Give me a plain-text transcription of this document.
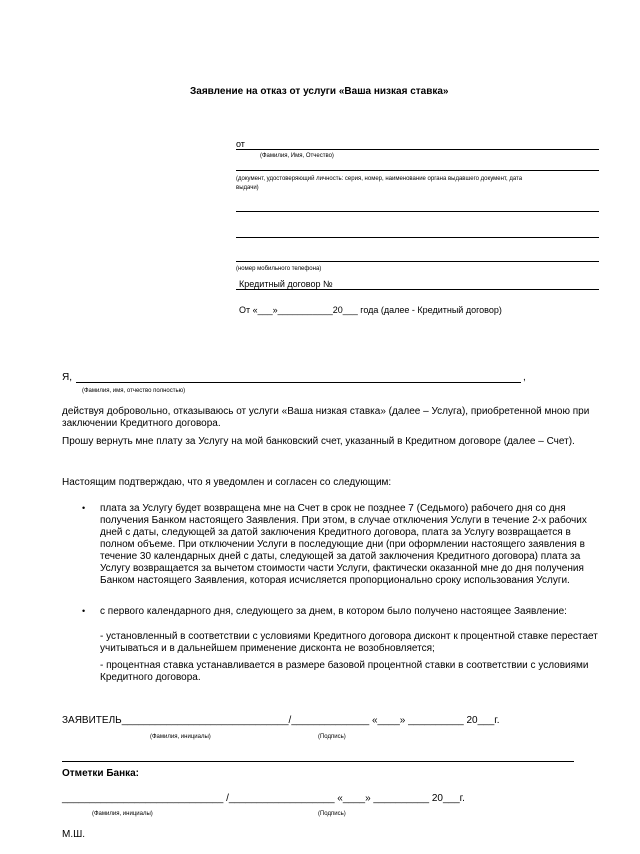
Заявление на отказ от услуги «Ваша низкая ставка»
от
(Фамилия, Имя, Отчество)
(документ, удостоверяющий личность: серия, номер, наименование органа выдавшего документ, дата
выдачи)
(номер мобильного телефона)
Кредитный договор №
От «___»___________20___ года (далее - Кредитный договор)
Я,	,
(Фамилия, имя, отчество полностью)
действуя добровольно, отказываюсь от услуги «Ваша низкая ставка» (далее – Услуга), приобретенной мною при заключении Кредитного договора.
Прошу вернуть мне плату за Услугу на мой банковский счет, указанный в Кредитном договоре (далее – Счет).
Настоящим подтверждаю, что я уведомлен и согласен со следующим:
• плата за Услугу будет возвращена мне на Счет в срок не позднее 7 (Седьмого) рабочего дня со дня получения Банком настоящего Заявления. При этом, в случае отключения Услуги в течение 2-х рабочих дней с даты, следующей за датой заключения Кредитного договора, плата за Услугу возвращается в полном объеме. При отключении Услуги в последующие дни (при оформлении настоящего заявления в течение 30 календарных дней с даты, следующей за датой заключения Кредитного договора) плата за Услугу возвращается за вычетом стоимости части Услуги, фактически оказанной мне до дня получения Банком настоящего Заявления, которая исчисляется пропорционально сроку использования Услуги.
• с первого календарного дня, следующего за днем, в котором было получено настоящее Заявление:
- установленный в соответствии с условиями Кредитного договора дисконт к процентной ставке перестает учитываться и в дальнейшем применение дисконта не возобновляется;
- процентная ставка устанавливается в размере базовой процентной ставки в соответствии с условиями Кредитного договора.
ЗАЯВИТЕЛЬ______________________________/______________ «____» __________ 20___г.
(Фамилия, инициалы)	(Подпись)
Отметки Банка:
_____________________________ /___________________ «____» __________ 20___г.
(Фамилия, инициалы)	(Подпись)
М.Ш.
